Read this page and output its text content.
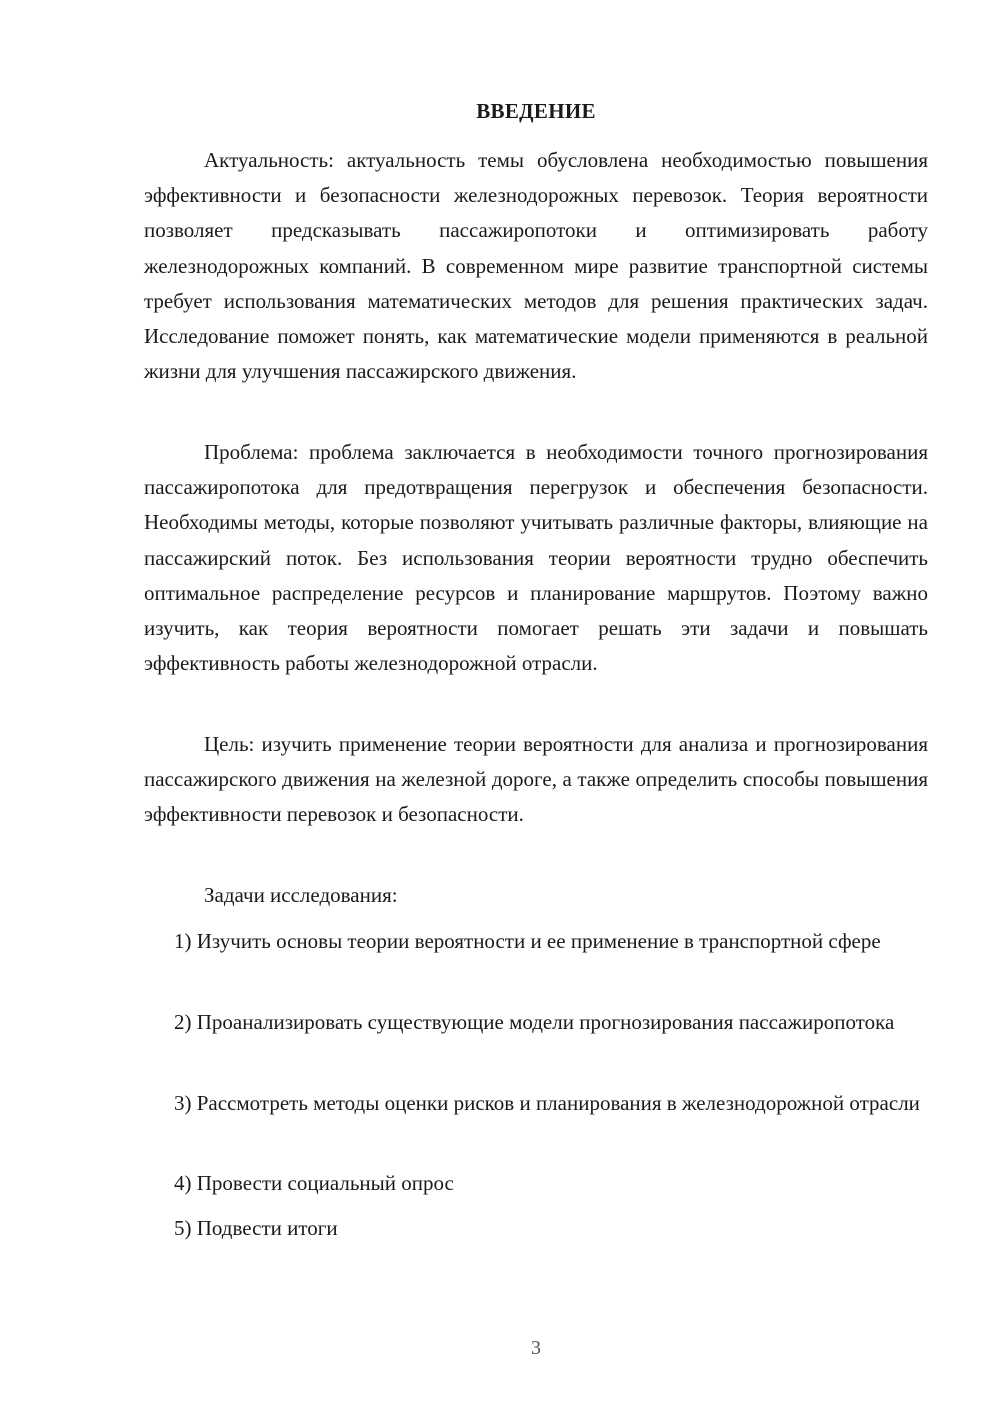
ВВЕДЕНИЕ

Актуальность: актуальность темы обусловлена необходимостью повышения эффективности и безопасности железнодорожных перевозок. Теория вероятности позволяет предсказывать пассажиропотоки и оптимизировать работу железнодорожных компаний. В современном мире развитие транспортной системы требует использования математических методов для решения практических задач. Исследование поможет понять, как математические модели применяются в реальной жизни для улучшения пассажирского движения.

Проблема: проблема заключается в необходимости точного прогнозирования пассажиропотока для предотвращения перегрузок и обеспечения безопасности. Необходимы методы, которые позволяют учитывать различные факторы, влияющие на пассажирский поток. Без использования теории вероятности трудно обеспечить оптимальное распределение ресурсов и планирование маршрутов. Поэтому важно изучить, как теория вероятности помогает решать эти задачи и повышать эффективность работы железнодорожной отрасли.

Цель: изучить применение теории вероятности для анализа и прогнозирования пассажирского движения на железной дороге, а также определить способы повышения эффективности перевозок и безопасности.

Задачи исследования:

1) Изучить основы теории вероятности и ее применение в транспортной сфере

2) Проанализировать существующие модели прогнозирования пассажиропотока

3) Рассмотреть методы оценки рисков и планирования в железнодорожной отрасли

4) Провести социальный опрос

5) Подвести итоги

3
